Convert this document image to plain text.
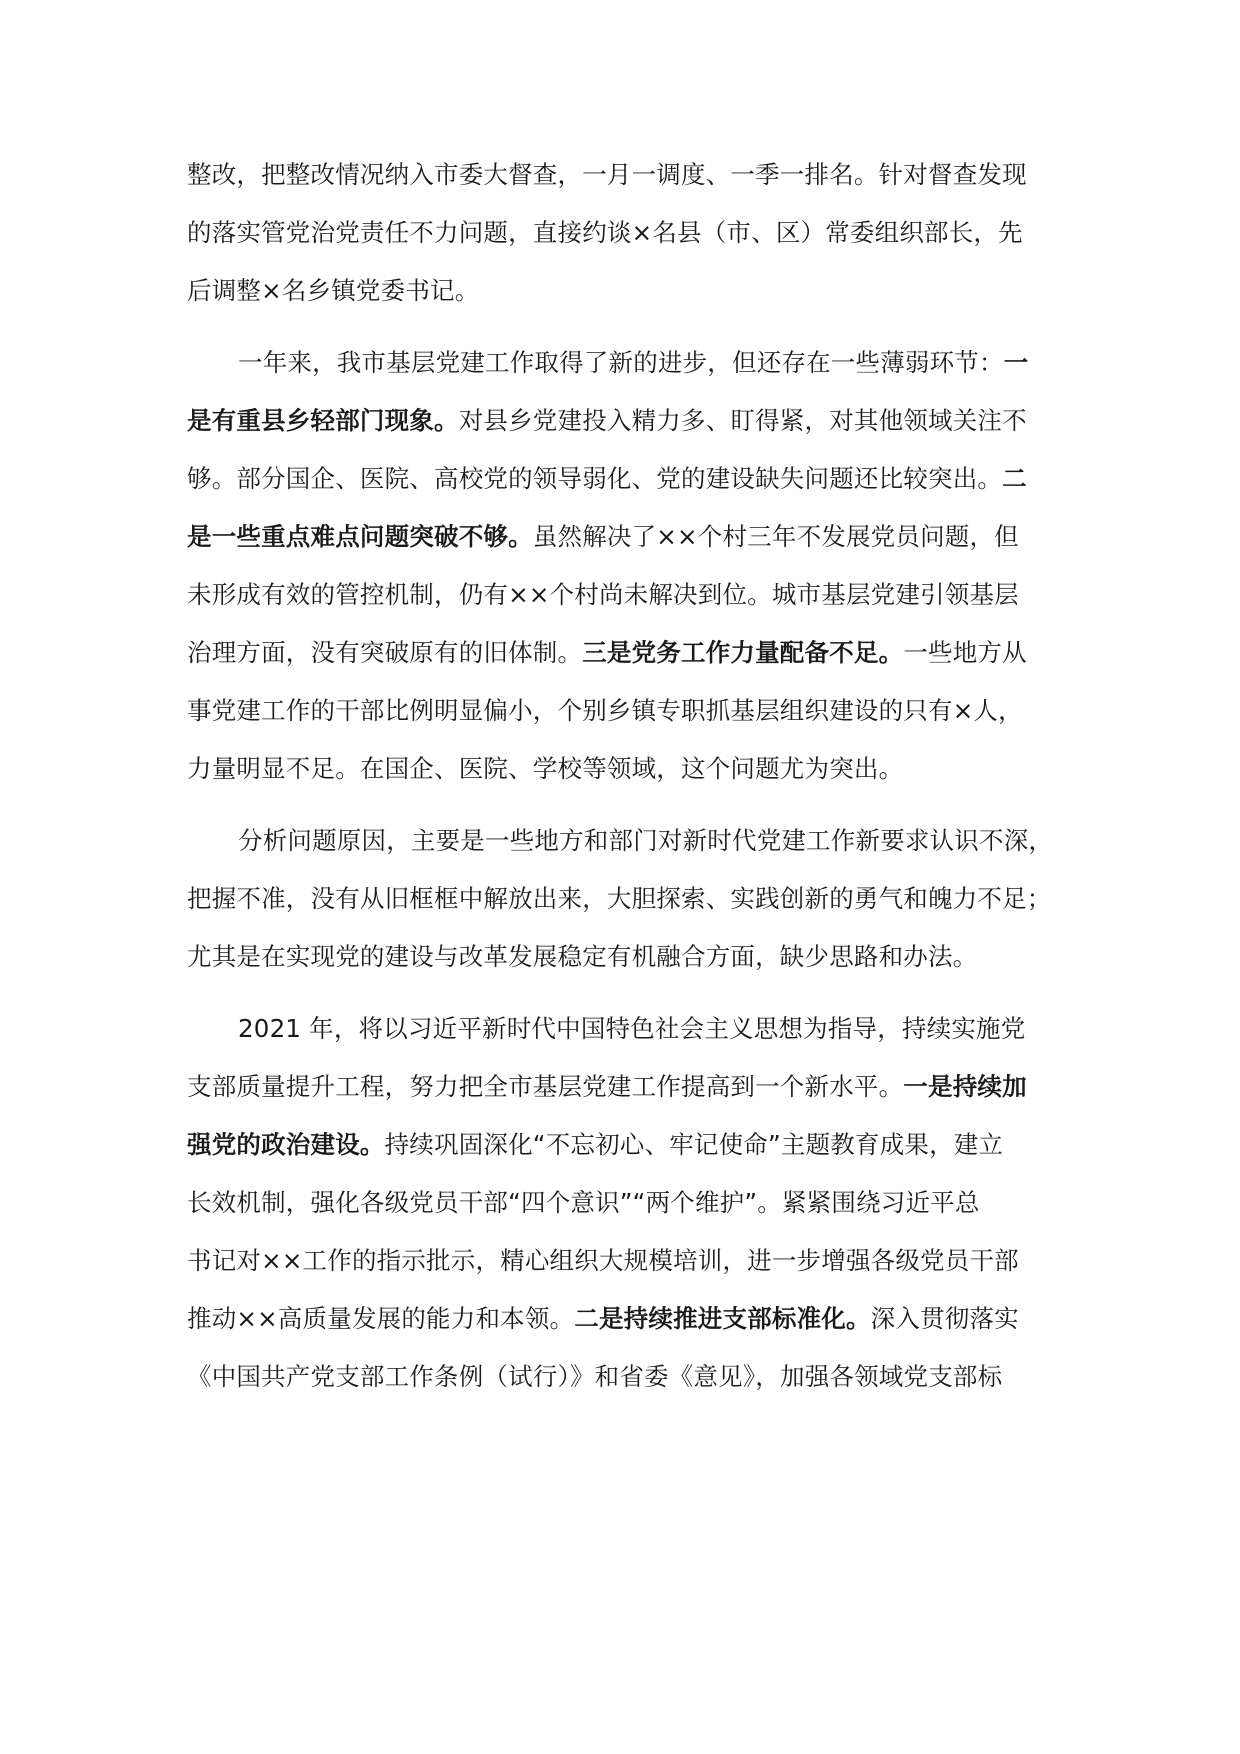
整改，把整改情况纳入市委大督查，一月一调度、一季一排名。针对督查发现
的落实管党治党责任不力问题，直接约谈×名县（市、区）常委组织部长，先
后调整×名乡镇党委书记。
一年来，我市基层党建工作取得了新的进步，但还存在一些薄弱环节：一
是有重县乡轻部门现象。对县乡党建投入精力多、盯得紧，对其他领域关注不
够。部分国企、医院、高校党的领导弱化、党的建设缺失问题还比较突出。二
是一些重点难点问题突破不够。虽然解决了××个村三年不发展党员问题，但
未形成有效的管控机制，仍有××个村尚未解决到位。城市基层党建引领基层
治理方面，没有突破原有的旧体制。三是党务工作力量配备不足。一些地方从
事党建工作的干部比例明显偏小，个别乡镇专职抓基层组织建设的只有×人，
力量明显不足。在国企、医院、学校等领域，这个问题尤为突出。
分析问题原因，主要是一些地方和部门对新时代党建工作新要求认识不深，
把握不准，没有从旧框框中解放出来，大胆探索、实践创新的勇气和魄力不足；
尤其是在实现党的建设与改革发展稳定有机融合方面，缺少思路和办法。
2021 年，将以习近平新时代中国特色社会主义思想为指导，持续实施党
支部质量提升工程，努力把全市基层党建工作提高到一个新水平。一是持续加
强党的政治建设。持续巩固深化“不忘初心、牢记使命”主题教育成果，建立
长效机制，强化各级党员干部“四个意识”“两个维护”。紧紧围绕习近平总
书记对××工作的指示批示，精心组织大规模培训，进一步增强各级党员干部
推动××高质量发展的能力和本领。二是持续推进支部标准化。深入贯彻落实
《中国共产党支部工作条例（试行）》和省委《意见》，加强各领域党支部标
